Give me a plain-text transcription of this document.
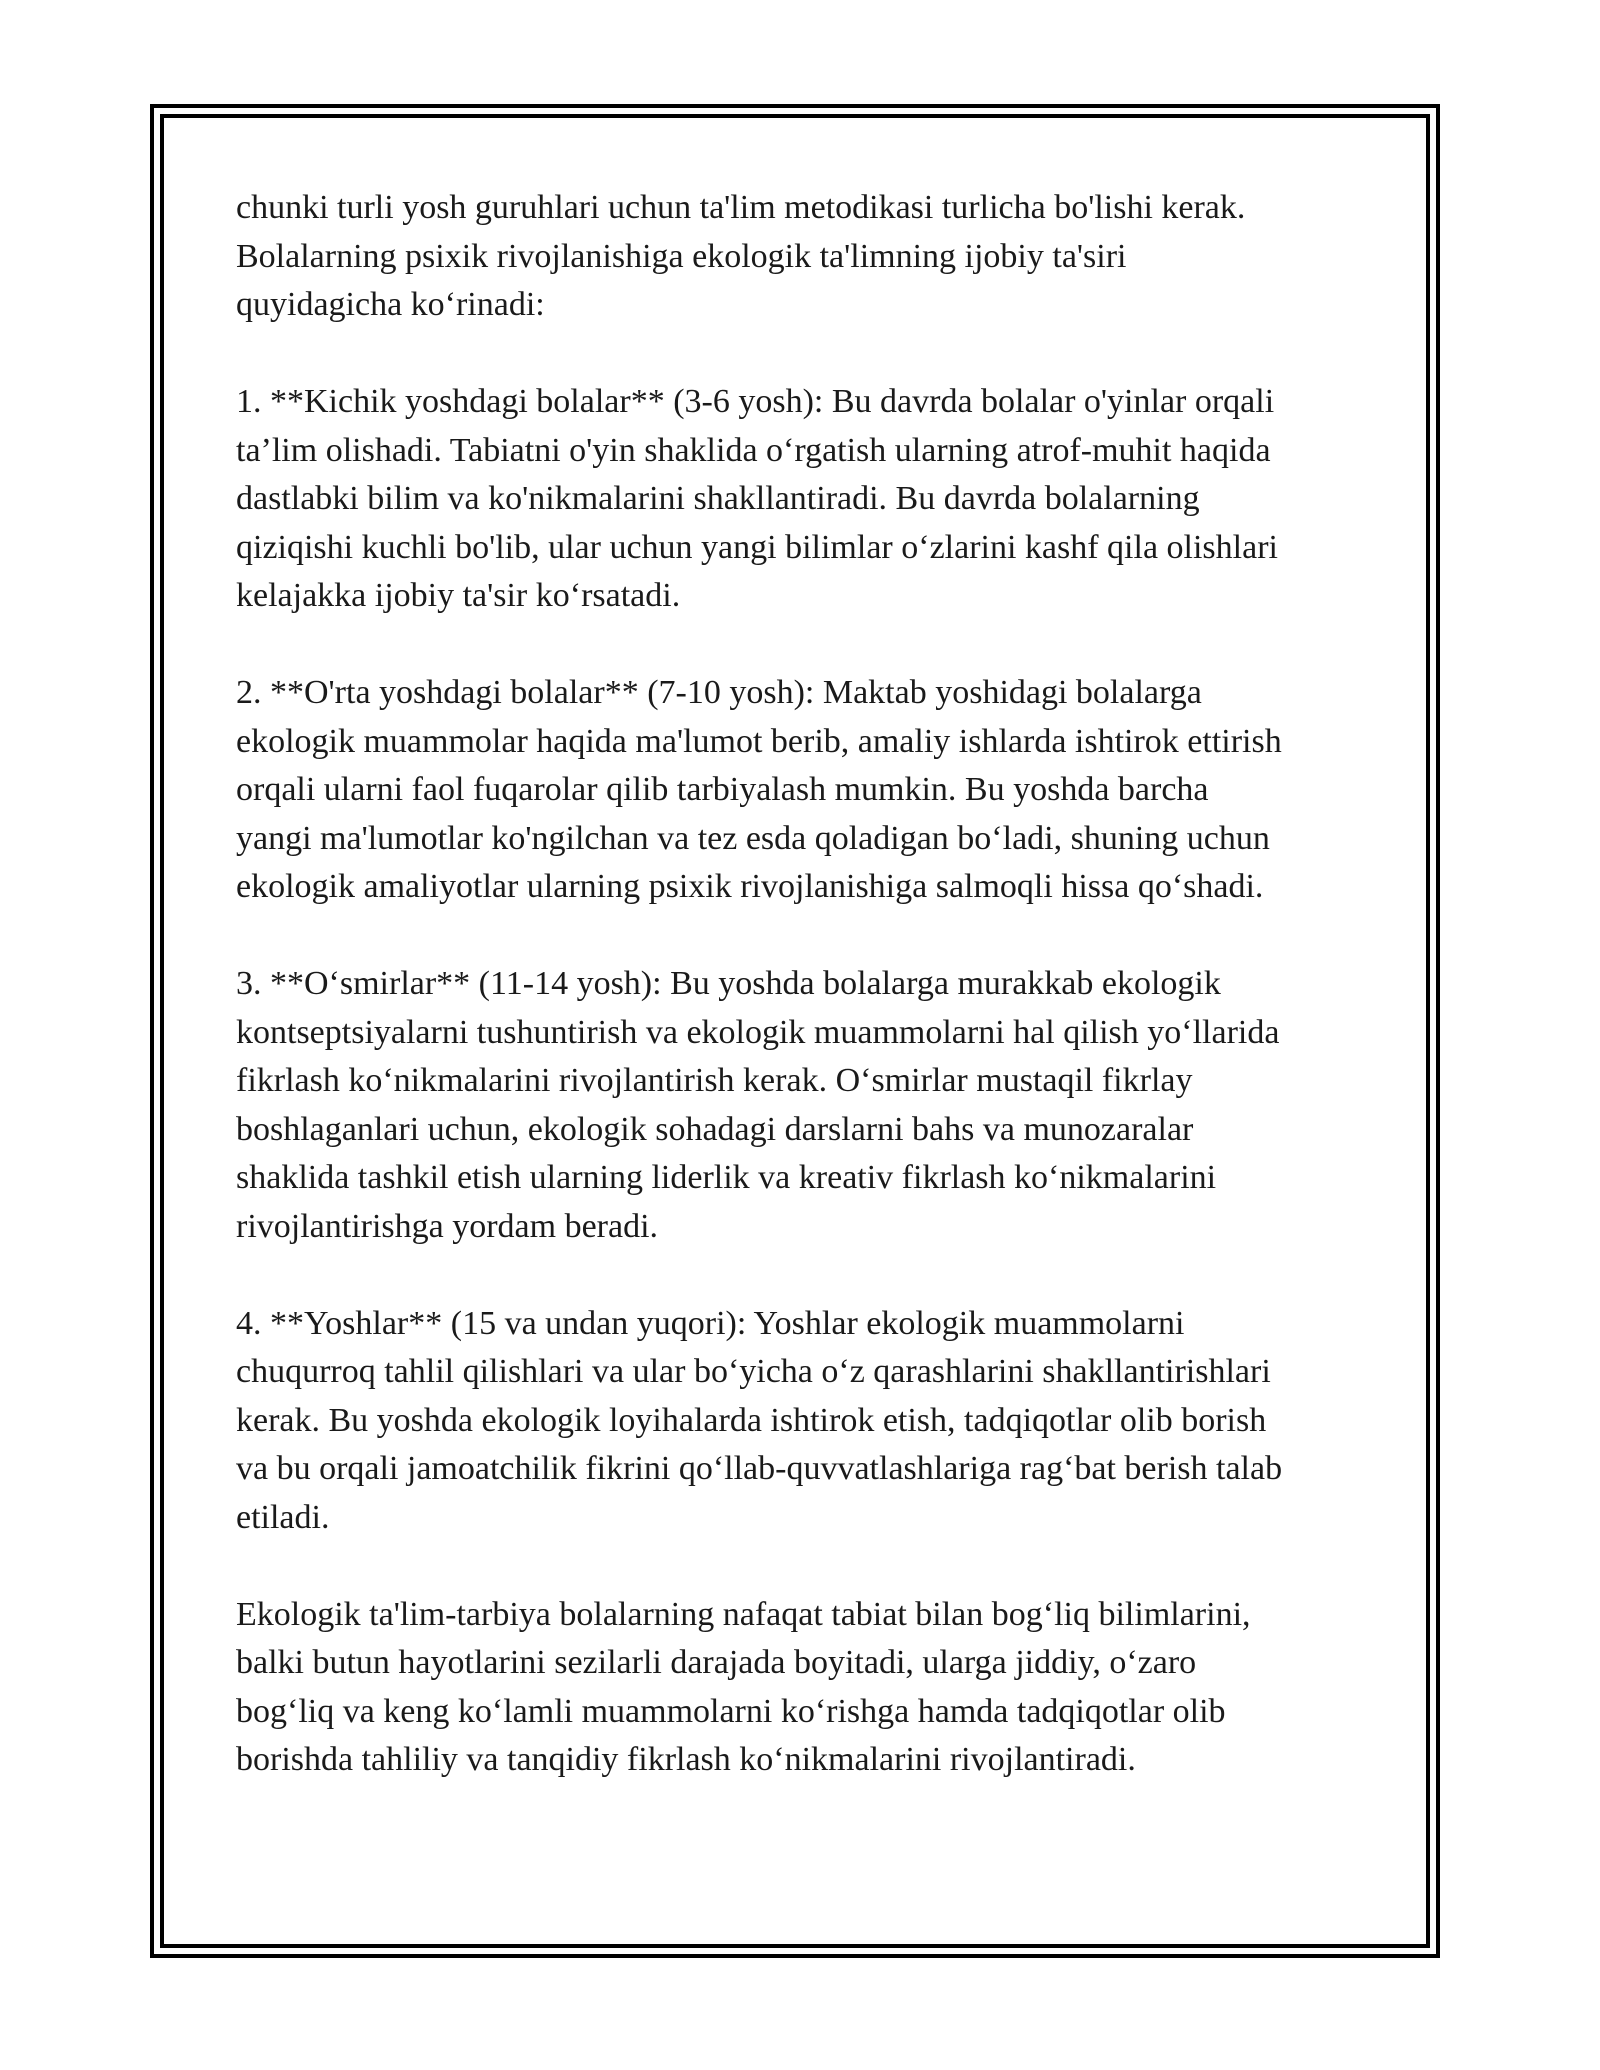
chunki turli yosh guruhlari uchun ta'lim metodikasi turlicha bo'lishi kerak.
Bolalarning psixik rivojlanishiga ekologik ta'limning ijobiy ta'siri
quyidagicha ko‘rinadi:

1. **Kichik yoshdagi bolalar** (3-6 yosh): Bu davrda bolalar o'yinlar orqali
ta’lim olishadi. Tabiatni o'yin shaklida o‘rgatish ularning atrof-muhit haqida
dastlabki bilim va ko'nikmalarini shakllantiradi. Bu davrda bolalarning
qiziqishi kuchli bo'lib, ular uchun yangi bilimlar o‘zlarini kashf qila olishlari
kelajakka ijobiy ta'sir ko‘rsatadi.

2. **O'rta yoshdagi bolalar** (7-10 yosh): Maktab yoshidagi bolalarga
ekologik muammolar haqida ma'lumot berib, amaliy ishlarda ishtirok ettirish
orqali ularni faol fuqarolar qilib tarbiyalash mumkin. Bu yoshda barcha
yangi ma'lumotlar ko'ngilchan va tez esda qoladigan bo‘ladi, shuning uchun
ekologik amaliyotlar ularning psixik rivojlanishiga salmoqli hissa qo‘shadi.

3. **O‘smirlar** (11-14 yosh): Bu yoshda bolalarga murakkab ekologik
kontseptsiyalarni tushuntirish va ekologik muammolarni hal qilish yo‘llarida
fikrlash ko‘nikmalarini rivojlantirish kerak. O‘smirlar mustaqil fikrlay
boshlaganlari uchun, ekologik sohadagi darslarni bahs va munozaralar
shaklida tashkil etish ularning liderlik va kreativ fikrlash ko‘nikmalarini
rivojlantirishga yordam beradi.

4. **Yoshlar** (15 va undan yuqori): Yoshlar ekologik muammolarni
chuqurroq tahlil qilishlari va ular bo‘yicha o‘z qarashlarini shakllantirishlari
kerak. Bu yoshda ekologik loyihalarda ishtirok etish, tadqiqotlar olib borish
va bu orqali jamoatchilik fikrini qo‘llab-quvvatlashlariga rag‘bat berish talab
etiladi.

Ekologik ta'lim-tarbiya bolalarning nafaqat tabiat bilan bog‘liq bilimlarini,
balki butun hayotlarini sezilarli darajada boyitadi, ularga jiddiy, o‘zaro
bog‘liq va keng ko‘lamli muammolarni ko‘rishga hamda tadqiqotlar olib
borishda tahliliy va tanqidiy fikrlash ko‘nikmalarini rivojlantiradi.
